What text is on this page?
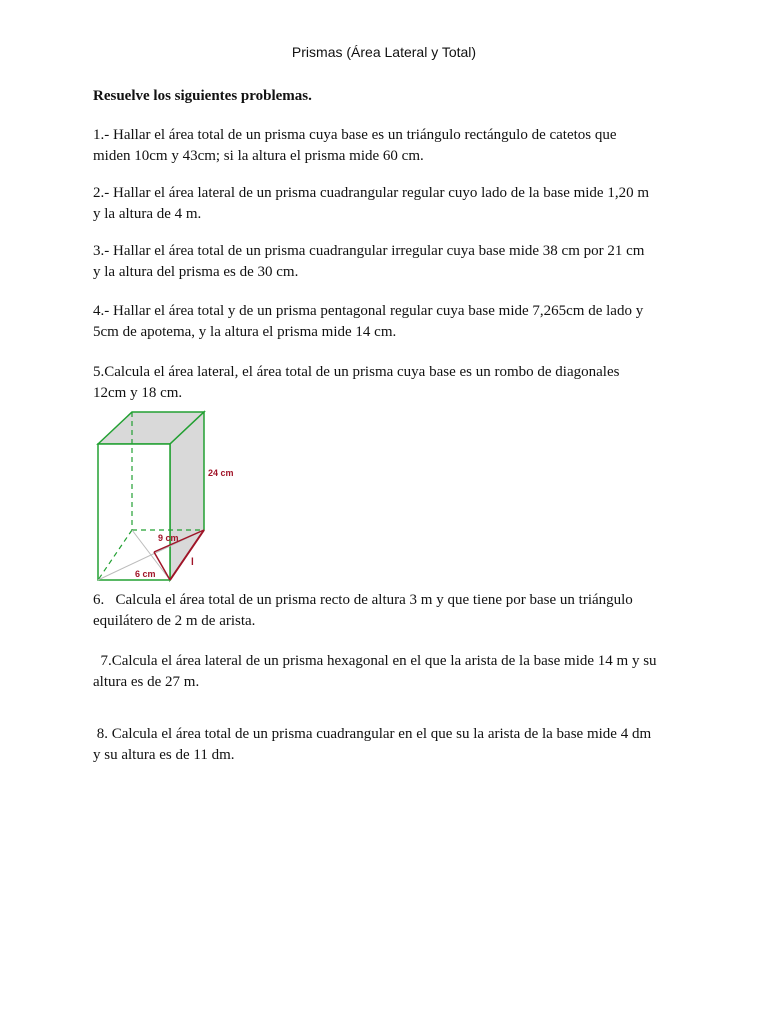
Prismas (Área Lateral y Total)
Resuelve los siguientes problemas.
1.- Hallar el área total de un prisma cuya base es un triángulo rectángulo de catetos que
miden 10cm y 43cm; si la altura el prisma mide 60 cm.
2.- Hallar el área lateral de un prisma cuadrangular regular cuyo lado de la base mide 1,20 m
y la altura de 4 m.
3.- Hallar el área total de un prisma cuadrangular irregular cuya base mide 38 cm por 21 cm
y la altura del prisma es de 30 cm.
4.- Hallar el área total y de un prisma pentagonal regular cuya base mide 7,265cm de lado y
5cm de apotema, y la altura el prisma mide 14 cm.
5.Calcula el área lateral, el área total de un prisma cuya base es un rombo de diagonales
12cm y 18 cm.
24 cm
9 cm
6 cm
l
6.   Calcula el área total de un prisma recto de altura 3 m y que tiene por base un triángulo
equilátero de 2 m de arista.
7.Calcula el área lateral de un prisma hexagonal en el que la arista de la base mide 14 m y su
altura es de 27 m.
8. Calcula el área total de un prisma cuadrangular en el que su la arista de la base mide 4 dm
y su altura es de 11 dm.
